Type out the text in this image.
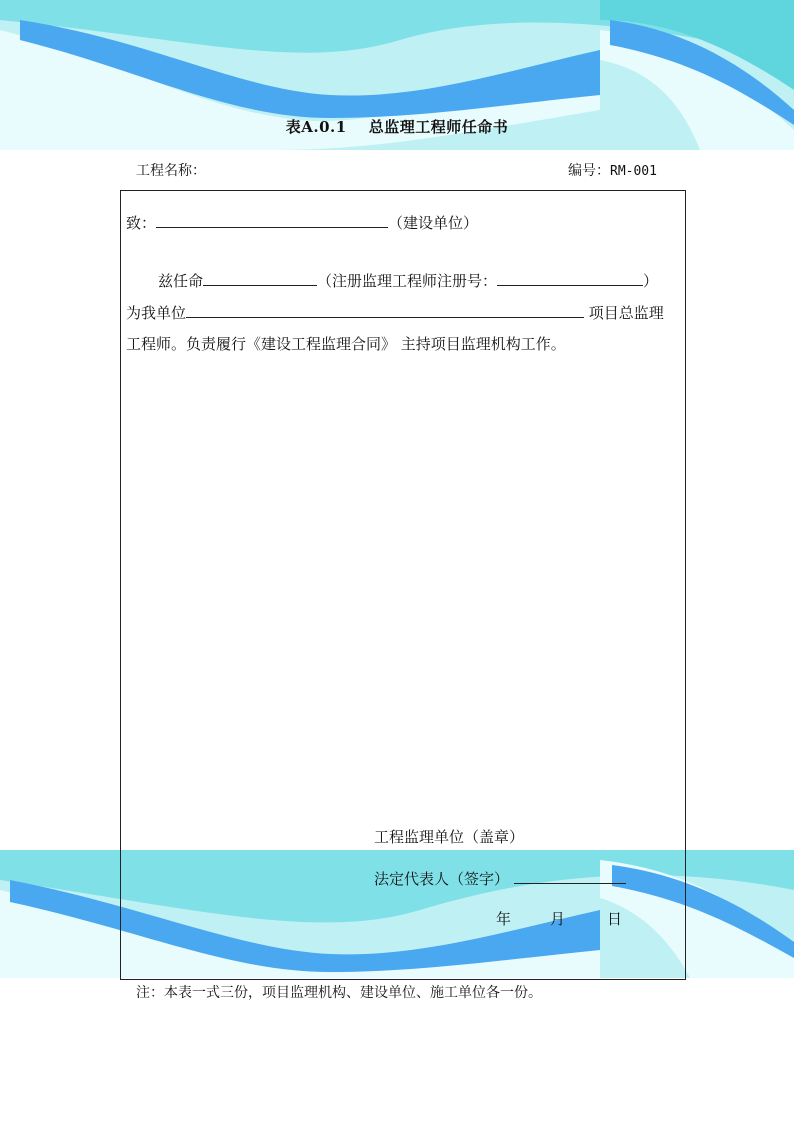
表A.0.1 总监理工程师任命书
工程名称：	编号：RM-001
致：	（建设单位）
兹任命	（注册监理工程师注册号：	）
为我单位	项目总监理
工程师。负责履行《建设工程监理合同》 主持项目监理机构工作。
工程监理单位（盖章）
法定代表人（签字）
年	月	日
注：本表一式三份，项目监理机构、建设单位、施工单位各一份。
